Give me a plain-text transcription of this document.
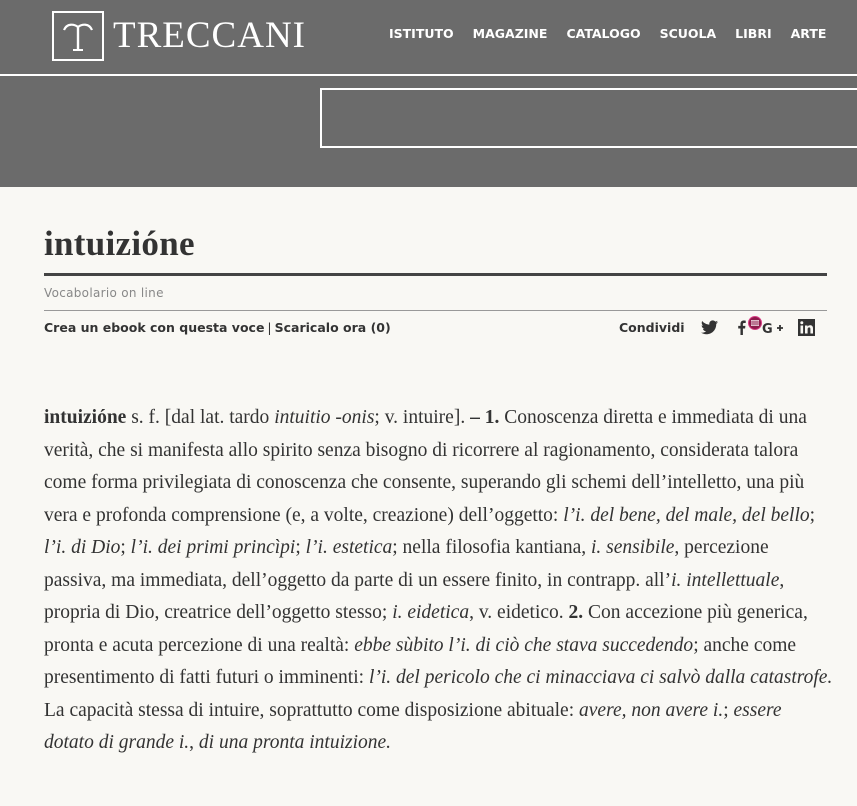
TRECCANI	ISTITUTO MAGAZINE CATALOGO SCUOLA LIBRI ARTE
intuizióne
Vocabolario on line
Crea un ebook con questa voce | Scaricalo ora (0)	Condividi	G
intuizióne s. f. [dal lat. tardo intuitio -onis; v. intuire]. – 1. Conoscenza diretta e immediata di una verità, che si manifesta allo spirito senza bisogno di ricorrere al ragionamento, considerata talora come forma privilegiata di conoscenza che consente, superando gli schemi dell’intelletto, una più vera e profonda comprensione (e, a volte, creazione) dell’oggetto: l’i. del bene, del male, del bello; l’i. di Dio; l’i. dei primi princìpi; l’i. estetica; nella filosofia kantiana, i. sensibile, percezione passiva, ma immediata, dell’oggetto da parte di un essere finito, in contrapp. all’i. intellettuale, propria di Dio, creatrice dell’oggetto stesso; i. eidetica, v. eidetico. 2. Con accezione più generica, pronta e acuta percezione di una realtà: ebbe sùbito l’i. di ciò che stava succedendo; anche come presentimento di fatti futuri o imminenti: l’i. del pericolo che ci minacciava ci salvò dalla catastrofe. La capacità stessa di intuire, soprattutto come disposizione abituale: avere, non avere i.; essere dotato di grande i., di una pronta intuizione.
